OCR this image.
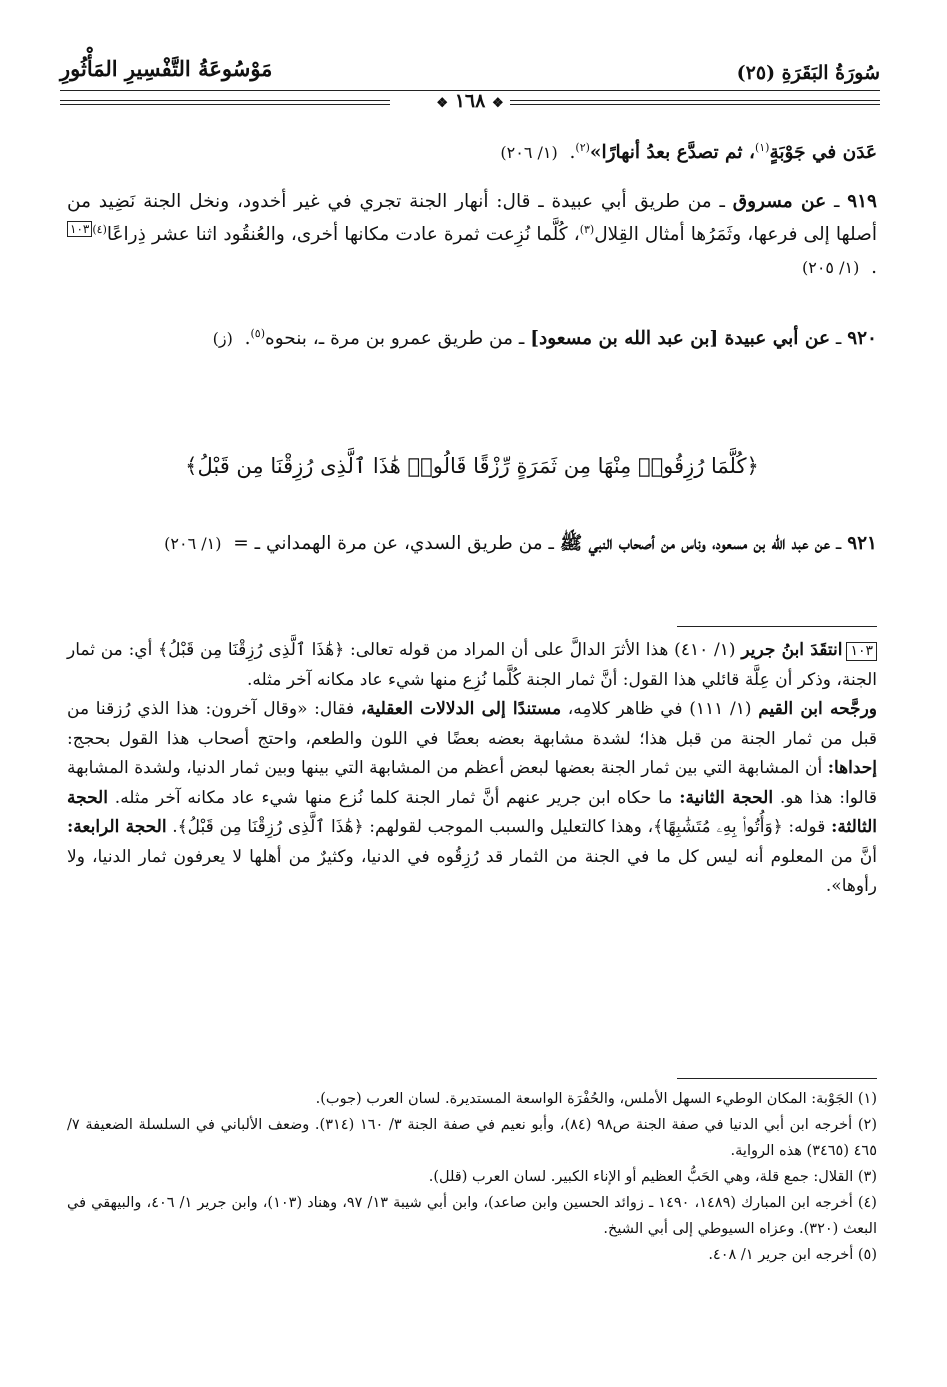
سُورَةُ البَقَرَةِ (٢٥)
مَوْسُوعَةُ التَّفْسِيرِ المَأْثُورِ
❖ ١٦٨ ❖
عَدَن في جَوْبَةٍ$^{(١)}$، ثم تصدَّع بعدُ أنهارًا»$^{(٢)}$.  (١/ ٢٠٦)
٩١٩ ـ عن مسروق ـ من طريق أبي عبيدة ـ قال: أنهار الجنة تجري في غير أخدود، ونخل الجنة نَضِيد من أصلها إلى فرعها، وثَمَرُها أمثال القِلال$^{(٣)}$، كُلَّما نُزِعت ثمرة عادت مكانها أخرى، والعُنقُود اثنا عشر ذِراعًا$^{(٤)}$١٠٣.  (١/ ٢٠٥)
٩٢٠ ـ عن أبي عبيدة [بن عبد الله بن مسعود] ـ من طريق عمرو بن مرة ـ، بنحوه$^{(٥)}$.  (ز)
﴿كُلَّمَا رُزِقُوا۟ مِنْهَا مِن ثَمَرَةٍ رِّزْقًا قَالُوا۟ هَٰذَا ٱلَّذِى رُزِقْنَا مِن قَبْلُ﴾
٩٢١ ـ عن عبد الله بن مسعود، وناس من أصحاب النبي ﷺ ـ من طريق السدي، عن مرة الهمداني ـ =  (١/ ٢٠٦)
١٠٣انتقَدَ ابنُ جرير (١/ ٤١٠) هذا الأثرَ الدالَّ على أن المراد من قوله تعالى: ﴿هَٰذَا ٱلَّذِى رُزِقْنَا مِن قَبْلُ﴾ أي: من ثمار الجنة، وذكر أن عِلَّة قائلي هذا القول: أنَّ ثمار الجنة كُلَّما نُزِع منها شيء عاد مكانه آخر مثله.
ورجَّحه ابن القيم (١/ ١١١) في ظاهر كلامِه، مستندًا إلى الدلالات العقلية، فقال: «وقال آخرون: هذا الذي رُزقنا من قبل من ثمار الجنة من قبل هذا؛ لشدة مشابهة بعضه بعضًا في اللون والطعم، واحتج أصحاب هذا القول بحجج: إحداها: أن المشابهة التي بين ثمار الجنة بعضها لبعض أعظم من المشابهة التي بينها وبين ثمار الدنيا، ولشدة المشابهة قالوا: هذا هو. الحجة الثانية: ما حكاه ابن جرير عنهم أنَّ ثمار الجنة كلما نُزع منها شيء عاد مكانه آخر مثله. الحجة الثالثة: قوله: ﴿وَأُتُوا۟ بِهِۦ مُتَشَٰبِهًا﴾، وهذا كالتعليل والسبب الموجب لقولهم: ﴿هَٰذَا ٱلَّذِى رُزِقْنَا مِن قَبْلُ﴾. الحجة الرابعة: أنَّ من المعلوم أنه ليس كل ما في الجنة من الثمار قد رُزِقُوه في الدنيا، وكثيرٌ من أهلها لا يعرفون ثمار الدنيا، ولا رأوها».

(١) الجَوْبة: المكان الوطيء السهل الأملس، والحُفْرَة الواسعة المستديرة. لسان العرب (جوب).

(٢) أخرجه ابن أبي الدنيا في صفة الجنة ص٩٨ (٨٤)، وأبو نعيم في صفة الجنة ٣/ ١٦٠ (٣١٤). وضعف الألباني في السلسلة الضعيفة ٧/ ٤٦٥ (٣٤٦٥) هذه الرواية.

(٣) القلال: جمع قلة، وهي الحَبُّ العظيم أو الإناء الكبير. لسان العرب (قلل).

(٤) أخرجه ابن المبارك (١٤٨٩، ١٤٩٠ ـ زوائد الحسين وابن صاعد)، وابن أبي شيبة ١٣/ ٩٧، وهناد (١٠٣)، وابن جرير ١/ ٤٠٦، والبيهقي في البعث (٣٢٠). وعزاه السيوطي إلى أبي الشيخ.

(٥) أخرجه ابن جرير ١/ ٤٠٨.
